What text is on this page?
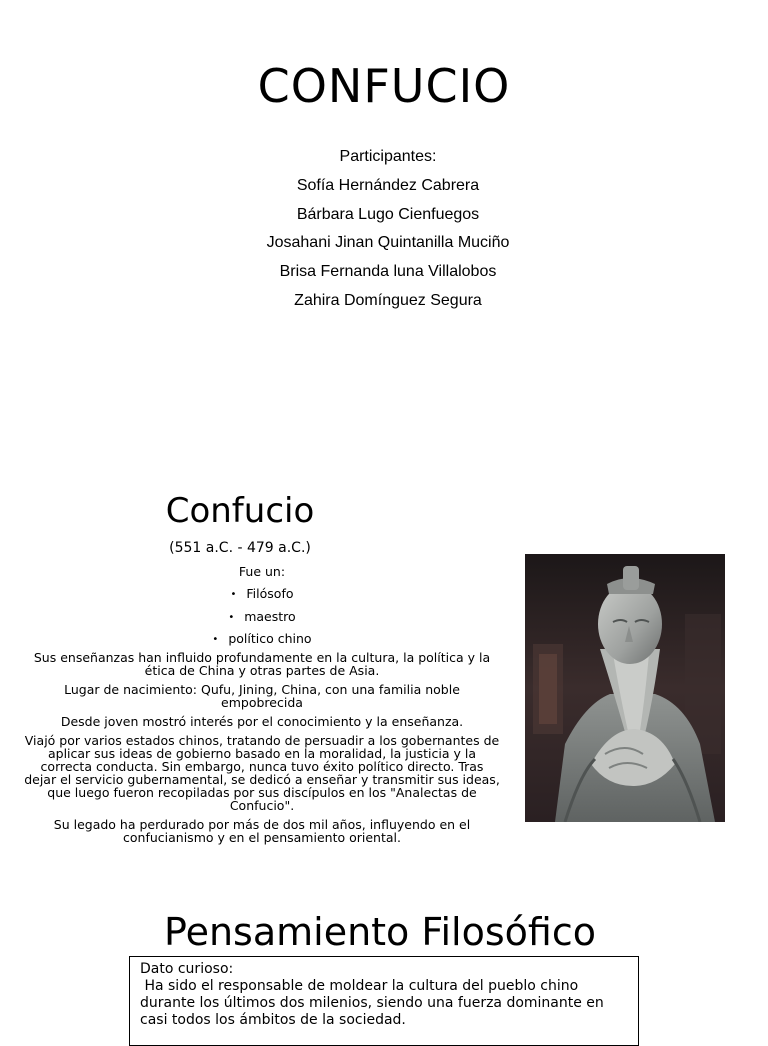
CONFUCIO
Participantes:
Sofía Hernández Cabrera
Bárbara Lugo Cienfuegos
Josahani Jinan Quintanilla Muciño
Brisa Fernanda luna Villalobos
Zahira Domínguez Segura
Confucio
(551 a.C. - 479 a.C.)
Fue un:
• Filósofo
• maestro
• político chino
Sus enseñanzas han influido profundamente en la cultura, la política y la ética de China y otras partes de Asia.
Lugar de nacimiento: Qufu, Jining, China, con una familia noble empobrecida
Desde joven mostró interés por el conocimiento y la enseñanza.
Viajó por varios estados chinos, tratando de persuadir a los gobernantes de aplicar sus ideas de gobierno basado en la moralidad, la justicia y la correcta conducta. Sin embargo, nunca tuvo éxito político directo. Tras dejar el servicio gubernamental, se dedicó a enseñar y transmitir sus ideas, que luego fueron recopiladas por sus discípulos en los "Analectas de Confucio".
Su legado ha perdurado por más de dos mil años, influyendo en el confucianismo y en el pensamiento oriental.
Pensamiento Filosófico
Dato curioso:
Ha sido el responsable de moldear la cultura del pueblo chino durante los últimos dos milenios, siendo una fuerza dominante en casi todos los ámbitos de la sociedad.
